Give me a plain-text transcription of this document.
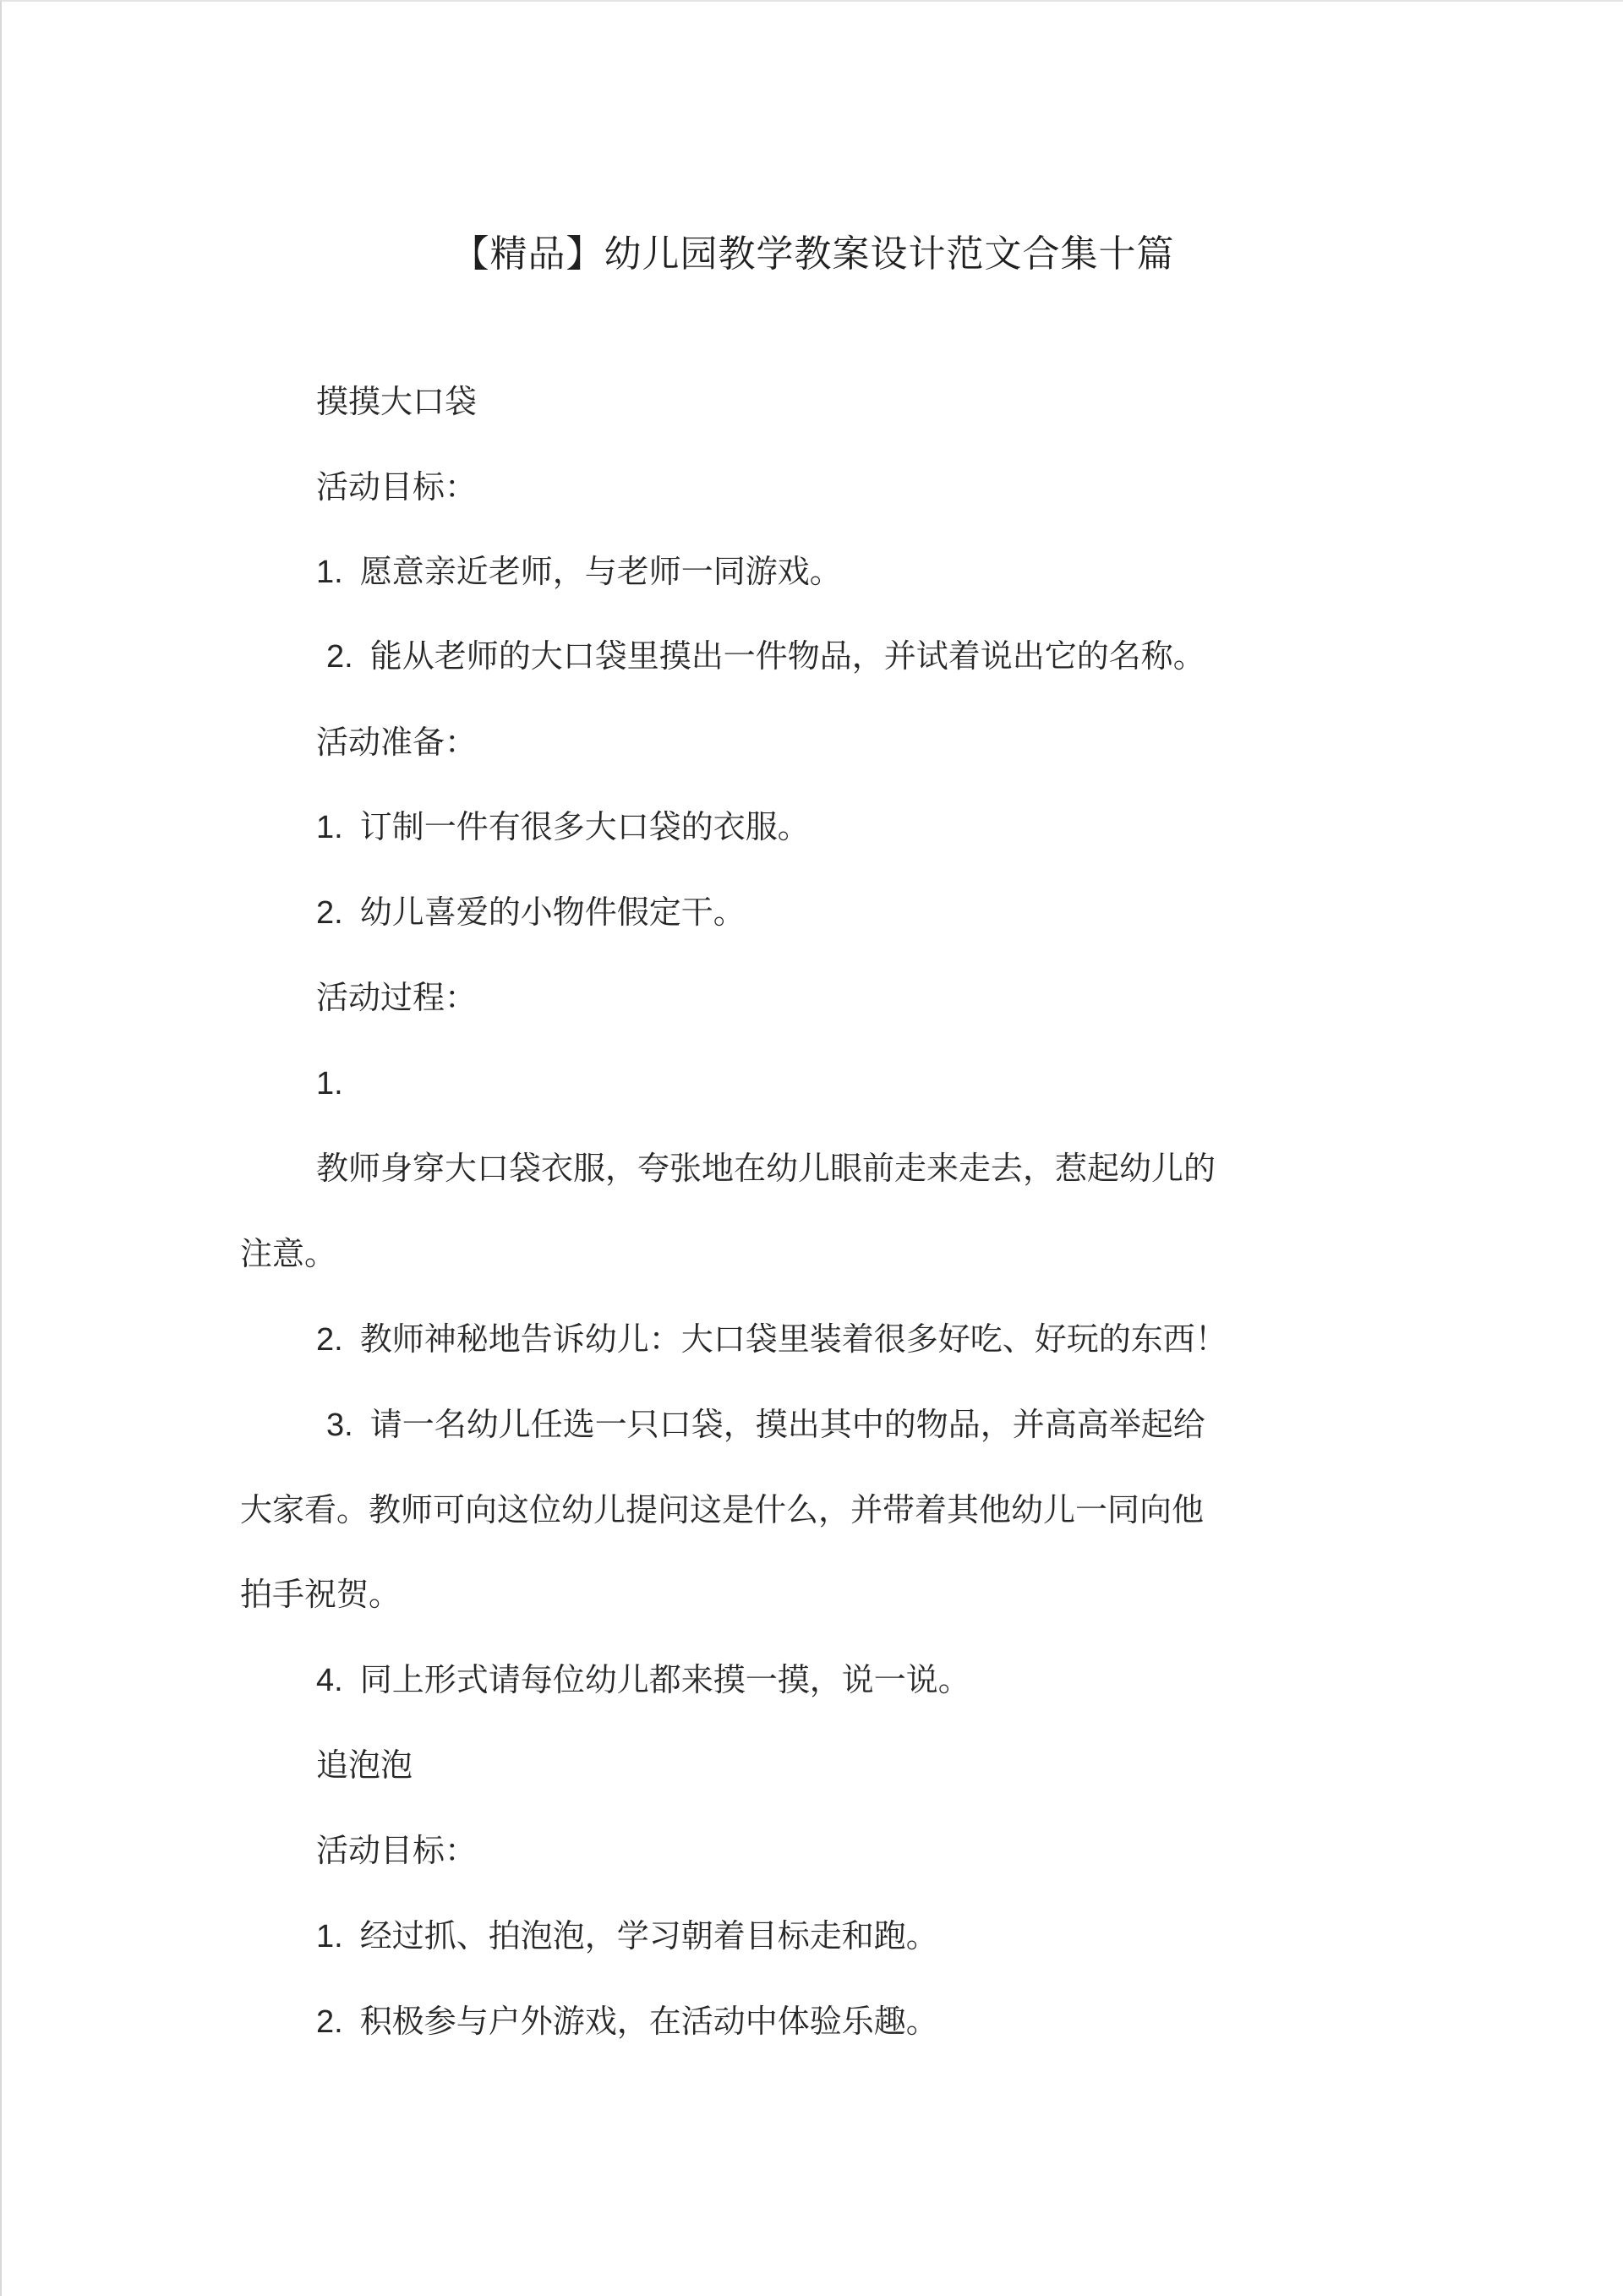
【精品】幼儿园教学教案设计范文合集十篇
摸摸大口袋
活动目标：
1. 愿意亲近老师，与老师一同游戏。
2. 能从老师的大口袋里摸出一件物品，并试着说出它的名称。
活动准备：
1. 订制一件有很多大口袋的衣服。
2. 幼儿喜爱的小物件假定干。
活动过程：
1.
教师身穿大口袋衣服，夸张地在幼儿眼前走来走去，惹起幼儿的
注意。
2. 教师神秘地告诉幼儿：大口袋里装着很多好吃、好玩的东西！
3. 请一名幼儿任选一只口袋，摸出其中的物品，并高高举起给
大家看。教师可向这位幼儿提问这是什么，并带着其他幼儿一同向他
拍手祝贺。
4. 同上形式请每位幼儿都来摸一摸，说一说。
追泡泡
活动目标：
1. 经过抓、拍泡泡，学习朝着目标走和跑。
2. 积极参与户外游戏，在活动中体验乐趣。
